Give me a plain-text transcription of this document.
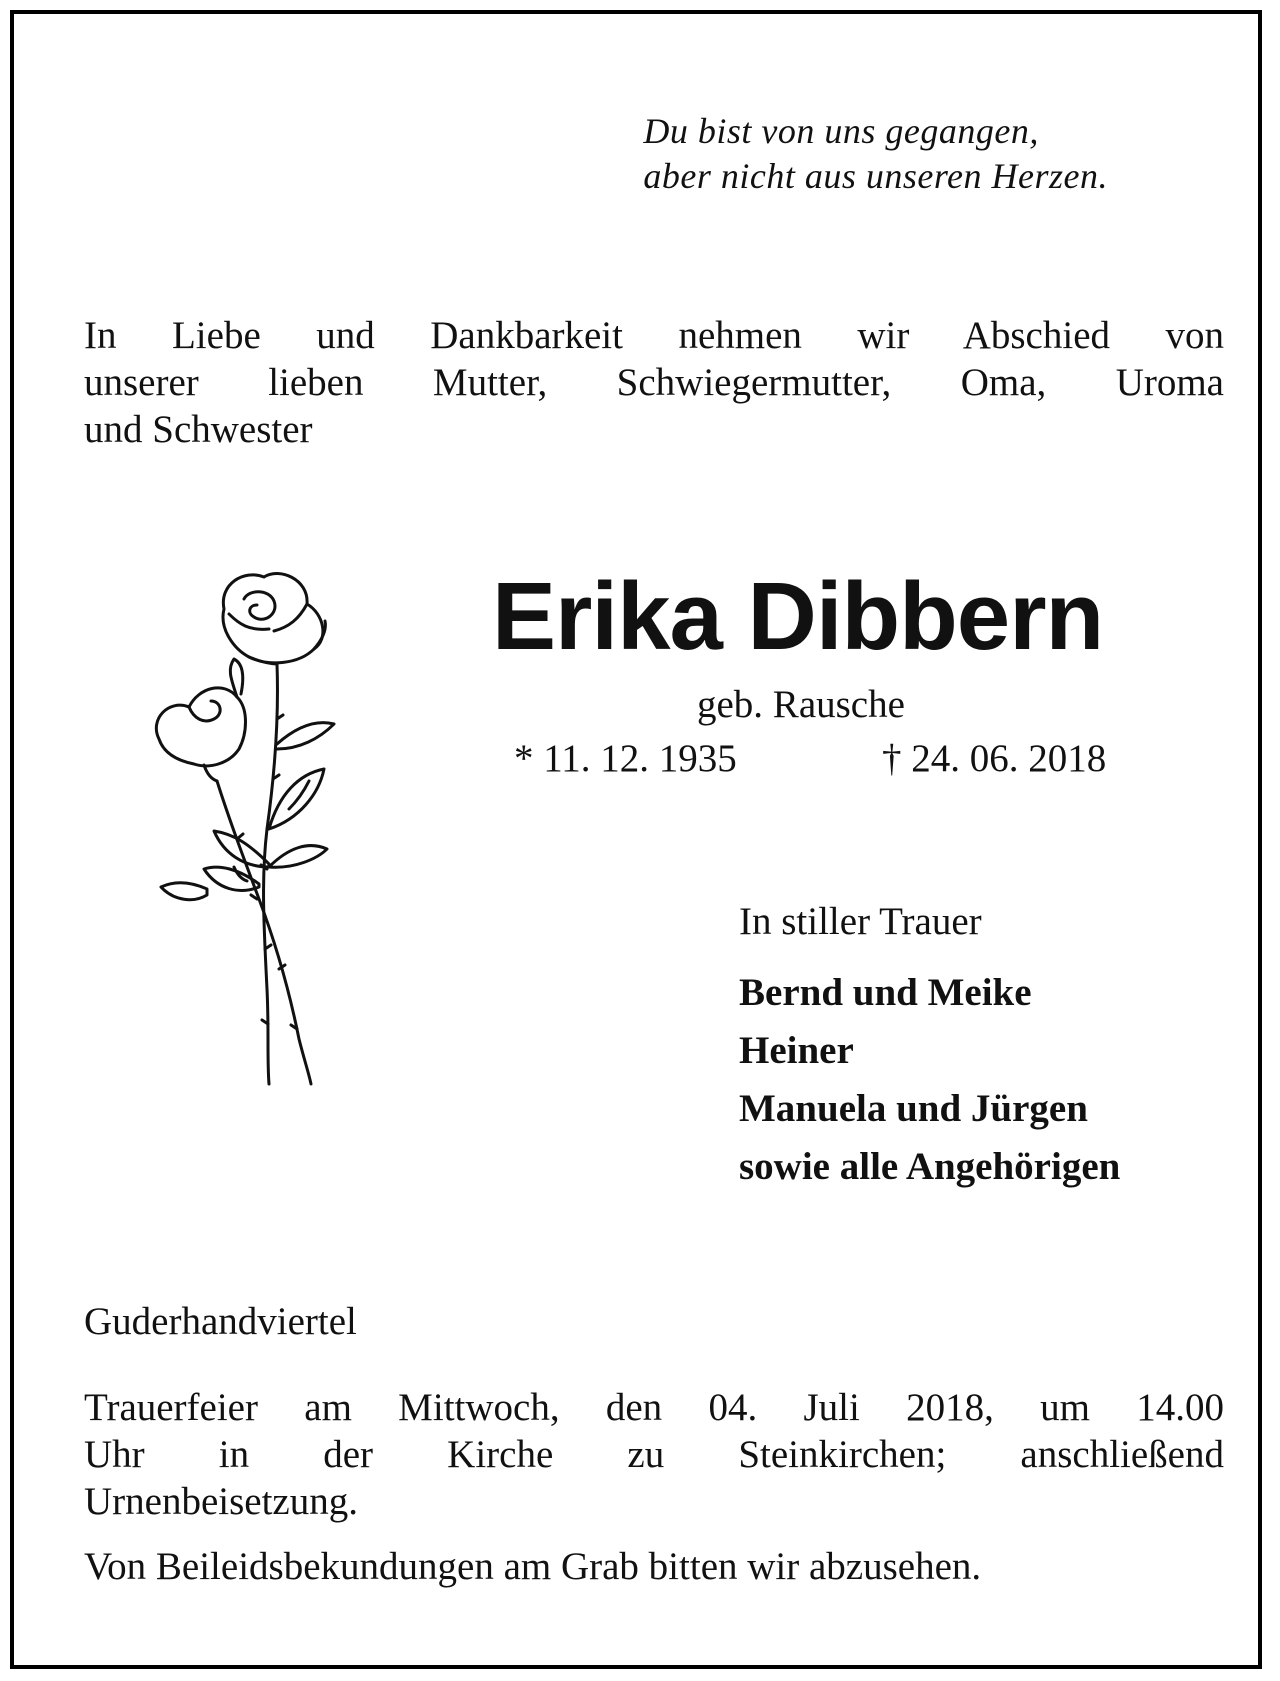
Du bist von uns gegangen,
aber nicht aus unseren Herzen.
In Liebe und Dankbarkeit nehmen wir Abschied von
unserer lieben Mutter, Schwiegermutter, Oma, Uroma
und Schwester
Erika Dibbern
geb. Rausche
* 11. 12. 1935	† 24. 06. 2018
In stiller Trauer
Bernd und Meike
Heiner
Manuela und Jürgen
sowie alle Angehörigen
Guderhandviertel
Trauerfeier am Mittwoch, den 04. Juli 2018, um 14.00
Uhr in der Kirche zu Steinkirchen; anschließend
Urnenbeisetzung.
Von Beileidsbekundungen am Grab bitten wir abzusehen.
